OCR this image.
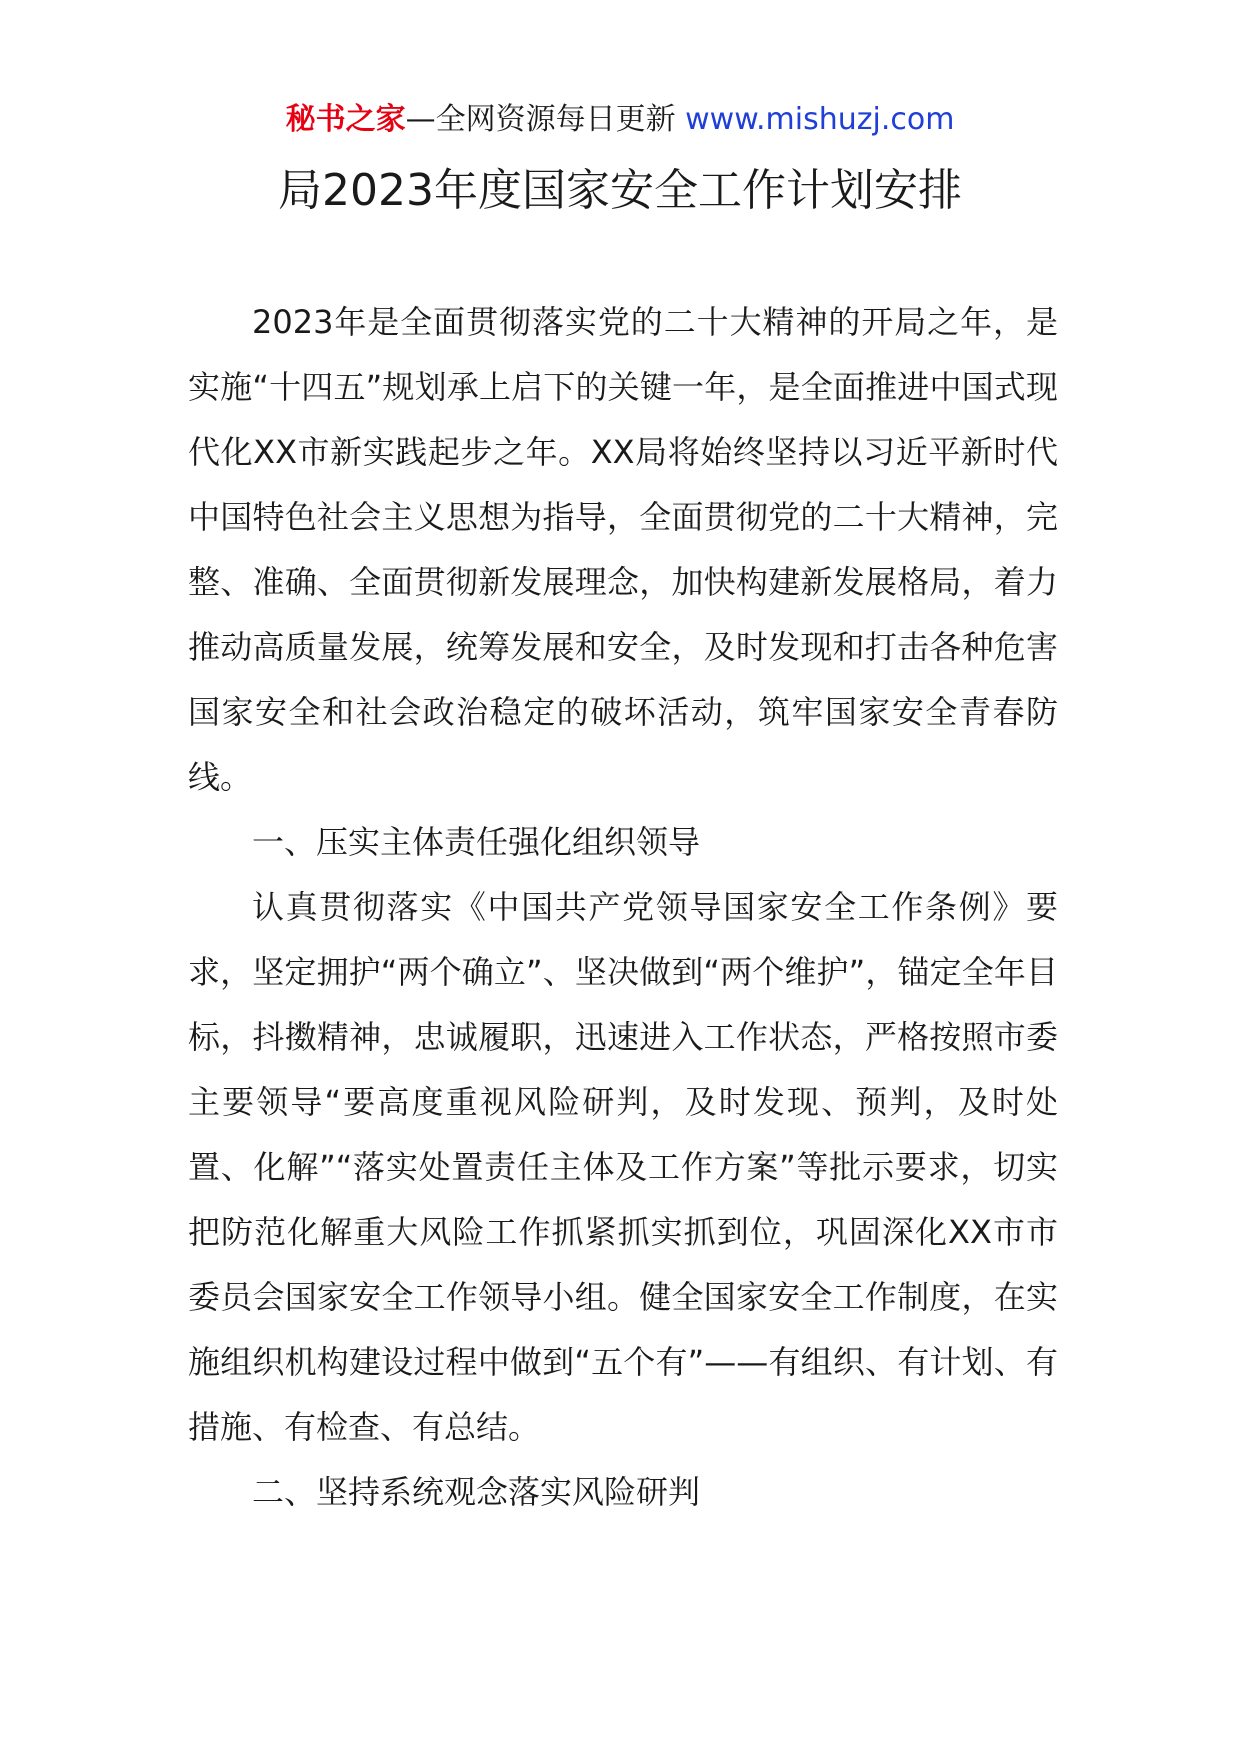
秘书之家—全网资源每日更新 www.mishuzj.com
局2023年度国家安全工作计划安排

2023年是全面贯彻落实党的二十大精神的开局之年，是实施“十四五”规划承上启下的关键一年，是全面推进中国式现代化XX市新实践起步之年。XX局将始终坚持以习近平新时代中国特色社会主义思想为指导，全面贯彻党的二十大精神，完整、准确、全面贯彻新发展理念，加快构建新发展格局，着力推动高质量发展，统筹发展和安全，及时发现和打击各种危害国家安全和社会政治稳定的破坏活动，筑牢国家安全青春防线。

一、压实主体责任强化组织领导

认真贯彻落实《中国共产党领导国家安全工作条例》要求，坚定拥护“两个确立”、坚决做到“两个维护”，锚定全年目标，抖擞精神，忠诚履职，迅速进入工作状态，严格按照市委主要领导“要高度重视风险研判，及时发现、预判，及时处置、化解”“落实处置责任主体及工作方案”等批示要求，切实把防范化解重大风险工作抓紧抓实抓到位，巩固深化XX市市委员会国家安全工作领导小组。健全国家安全工作制度，在实施组织机构建设过程中做到“五个有”——有组织、有计划、有措施、有检查、有总结。

二、坚持系统观念落实风险研判
